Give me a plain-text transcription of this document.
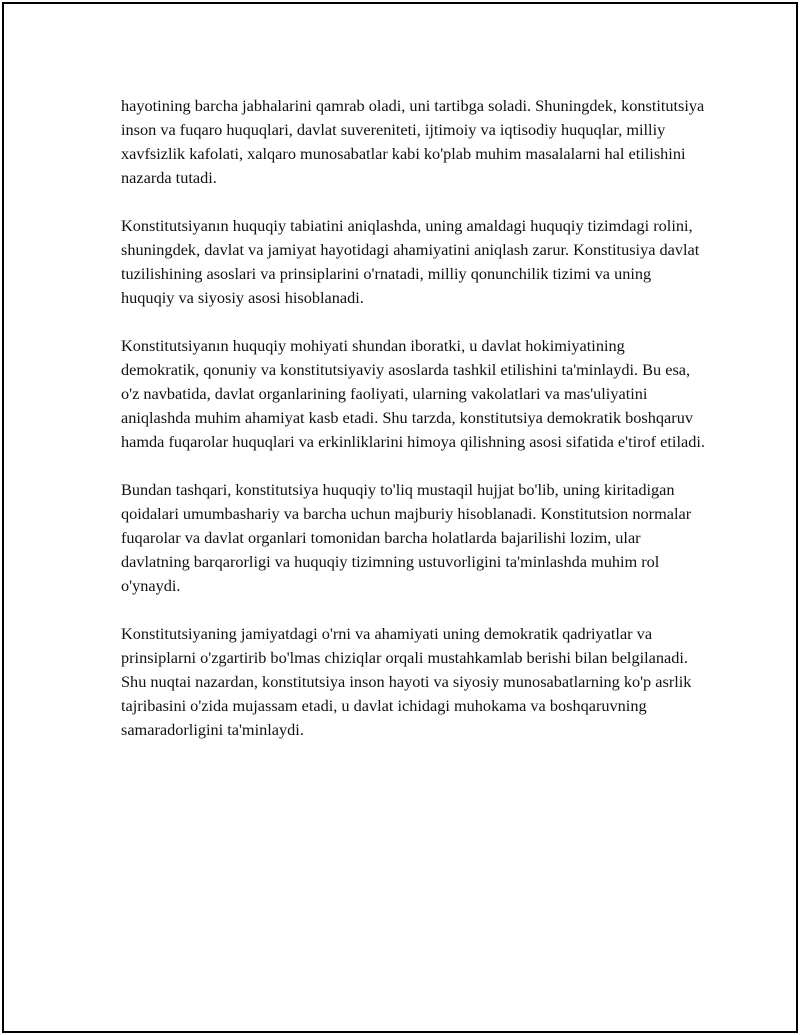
hayotining barcha jabhalarini qamrab oladi, uni tartibga soladi. Shuningdek, konstitutsiya inson va fuqaro huquqlari, davlat suvereniteti, ijtimoiy va iqtisodiy huquqlar, milliy xavfsizlik kafolati, xalqaro munosabatlar kabi ko'plab muhim masalalarni hal etilishini nazarda tutadi.

Konstitutsiyanın huquqiy tabiatini aniqlashda, uning amaldagi huquqiy tizimdagi rolini, shuningdek, davlat va jamiyat hayotidagi ahamiyatini aniqlash zarur. Konstitusiya davlat tuzilishining asoslari va prinsiplarini o'rnatadi, milliy qonunchilik tizimi va uning huquqiy va siyosiy asosi hisoblanadi.

Konstitutsiyanın huquqiy mohiyati shundan iboratki, u davlat hokimiyatining demokratik, qonuniy va konstitutsiyaviy asoslarda tashkil etilishini ta'minlaydi. Bu esa, o'z navbatida, davlat organlarining faoliyati, ularning vakolatlari va mas'uliyatini aniqlashda muhim ahamiyat kasb etadi. Shu tarzda, konstitutsiya demokratik boshqaruv hamda fuqarolar huquqlari va erkinliklarini himoya qilishning asosi sifatida e'tirof etiladi.

Bundan tashqari, konstitutsiya huquqiy to'liq mustaqil hujjat bo'lib, uning kiritadigan qoidalari umumbashariy va barcha uchun majburiy hisoblanadi. Konstitutsion normalar fuqarolar va davlat organlari tomonidan barcha holatlarda bajarilishi lozim, ular davlatning barqarorligi va huquqiy tizimning ustuvorligini ta'minlashda muhim rol o'ynaydi.

Konstitutsiyaning jamiyatdagi o'rni va ahamiyati uning demokratik qadriyatlar va prinsiplarni o'zgartirib bo'lmas chiziqlar orqali mustahkamlab berishi bilan belgilanadi. Shu nuqtai nazardan, konstitutsiya inson hayoti va siyosiy munosabatlarning ko'p asrlik tajribasini o'zida mujassam etadi, u davlat ichidagi muhokama va boshqaruvning samaradorligini ta'minlaydi.
